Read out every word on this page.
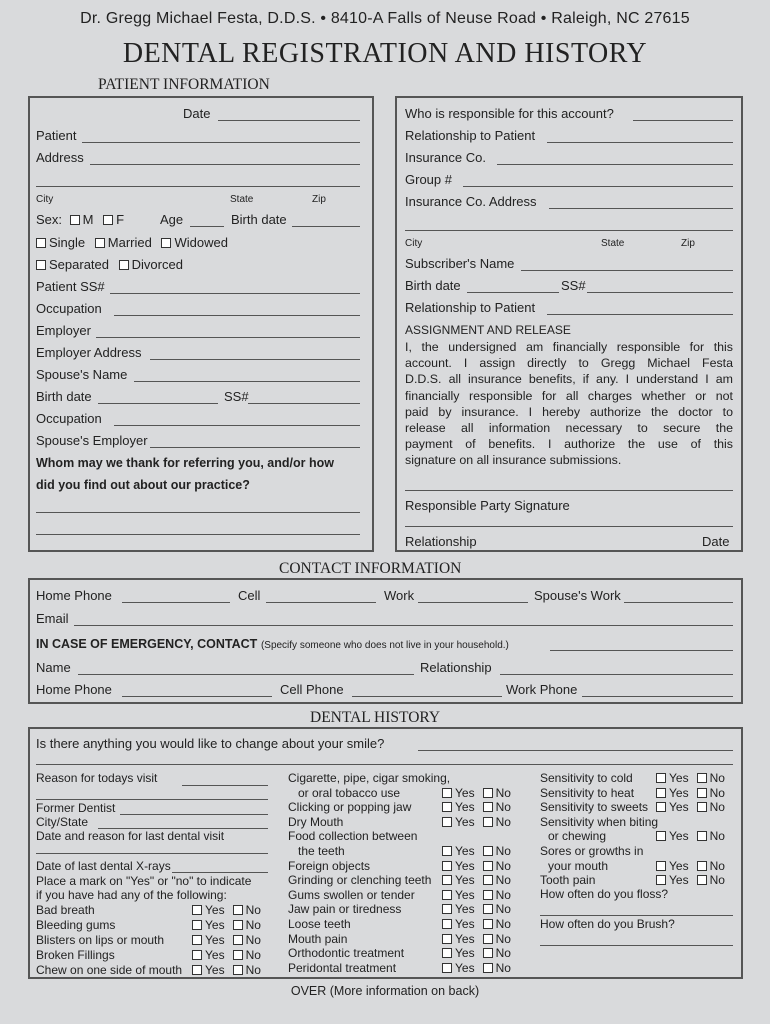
Dr. Gregg Michael Festa, D.D.S. • 8410-A Falls of Neuse Road • Raleigh, NC 27615
DENTAL REGISTRATION AND HISTORY
PATIENT INFORMATION
Date
Patient
Address
City	State	Zip
Sex: M F	Age	Birth date
Single Married Widowed
Separated Divorced
Patient SS#
Occupation
Employer
Employer Address
Spouse's Name
Birth date	SS#
Occupation
Spouse's Employer
Whom may we thank for referring you, and/or how
did you find out about our practice?
Who is responsible for this account?
Relationship to Patient
Insurance Co.
Group #
Insurance Co. Address
City	State	Zip
Subscriber's Name
Birth date	SS#
Relationship to Patient
ASSIGNMENT AND RELEASE
I, the undersigned am financially responsible for this
account. I assign directly to Gregg Michael Festa
D.D.S. all insurance benefits, if any. I understand I am
financially responsible for all charges whether or not
paid by insurance. I hereby authorize the doctor to
release all information necessary to secure the
payment of benefits. I authorize the use of this
signature on all insurance submissions.
Responsible Party Signature
Relationship	Date
CONTACT INFORMATION
Home Phone	Cell	Work	Spouse's Work
Email
IN CASE OF EMERGENCY, CONTACT (Specify someone who does not live in your household.)
Name	Relationship
Home Phone	Cell Phone	Work Phone
DENTAL HISTORY
Is there anything you would like to change about your smile?
Reason for todays visit
Former Dentist
City/State
Date and reason for last dental visit
Date of last dental X-rays
Place a mark on "Yes" or "no" to indicate
if you have had any of the following:
Bad breath	Yes No
Bleeding gums	Yes No
Blisters on lips or mouth	Yes No
Broken Fillings	Yes No
Chew on one side of mouth	Yes No
Cigarette, pipe, cigar smoking,
or oral tobacco use	Yes No
Clicking or popping jaw	Yes No
Dry Mouth	Yes No
Food collection between
the teeth	Yes No
Foreign objects	Yes No
Grinding or clenching teeth	Yes No
Gums swollen or tender	Yes No
Jaw pain or tiredness	Yes No
Loose teeth	Yes No
Mouth pain	Yes No
Orthodontic treatment	Yes No
Peridontal treatment	Yes No
Sensitivity to cold	Yes No
Sensitivity to heat	Yes No
Sensitivity to sweets	Yes No
Sensitivity when biting
or chewing	Yes No
Sores or growths in
your mouth	Yes No
Tooth pain	Yes No
How often do you floss?
How often do you Brush?
OVER (More information on back)
